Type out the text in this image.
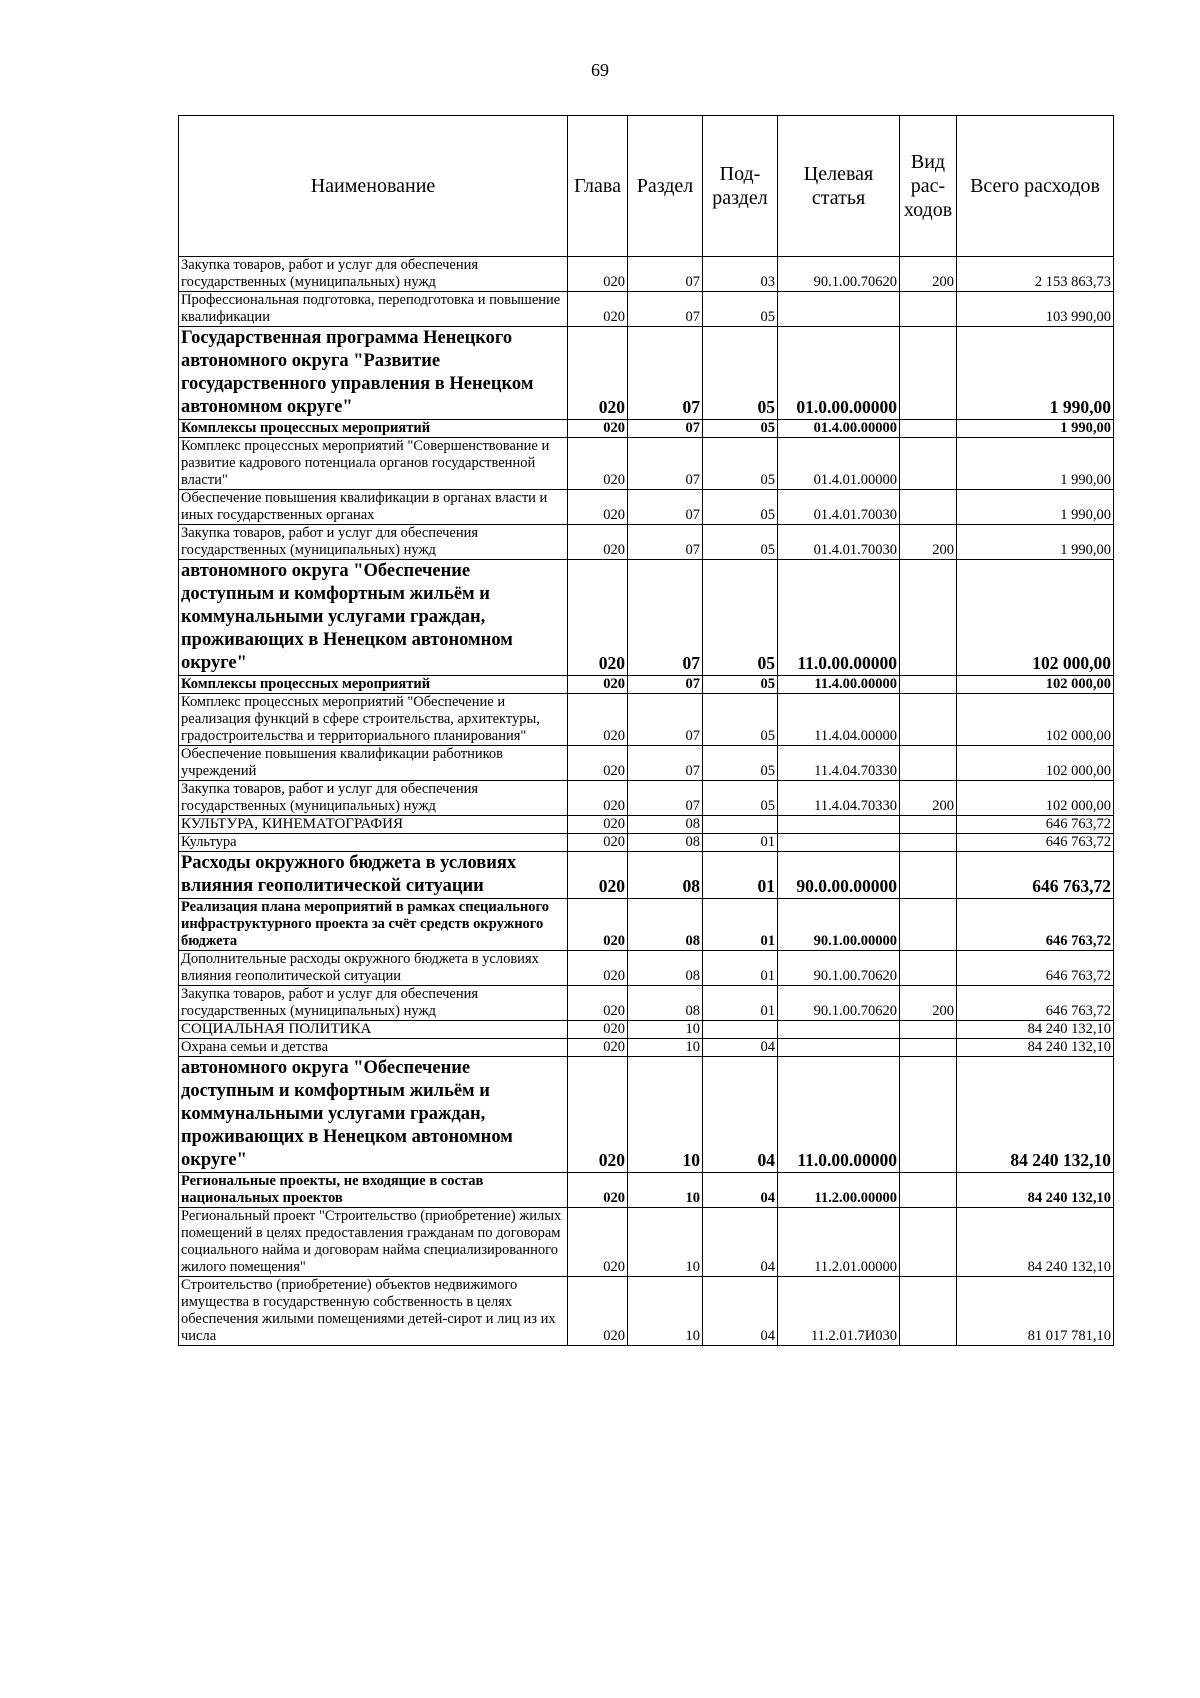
69
Наименование	Глава	Раздел	Под-раздел	Целевая статья	Вид рас-ходов	Всего расходов
Закупка товаров, работ и услуг для обеспечения государственных (муниципальных) нужд	020	07	03	90.1.00.70620	200	2 153 863,73
Профессиональная подготовка, переподготовка и повышение квалификации	020	07	05			103 990,00
Государственная программа Ненецкого автономного округа "Развитие государственного управления в Ненецком автономном округе"	020	07	05	01.0.00.00000		1 990,00
Комплексы процессных мероприятий	020	07	05	01.4.00.00000		1 990,00
Комплекс процессных мероприятий "Совершенствование и развитие кадрового потенциала органов государственной власти"	020	07	05	01.4.01.00000		1 990,00
Обеспечение повышения квалификации в органах власти и иных государственных органах	020	07	05	01.4.01.70030		1 990,00
Закупка товаров, работ и услуг для обеспечения государственных (муниципальных) нужд	020	07	05	01.4.01.70030	200	1 990,00
автономного округа "Обеспечение доступным и комфортным жильём и коммунальными услугами граждан, проживающих в Ненецком автономном округе"	020	07	05	11.0.00.00000		102 000,00
Комплексы процессных мероприятий	020	07	05	11.4.00.00000		102 000,00
Комплекс процессных мероприятий "Обеспечение и реализация функций в сфере строительства, архитектуры, градостроительства и территориального планирования"	020	07	05	11.4.04.00000		102 000,00
Обеспечение повышения квалификации работников учреждений	020	07	05	11.4.04.70330		102 000,00
Закупка товаров, работ и услуг для обеспечения государственных (муниципальных) нужд	020	07	05	11.4.04.70330	200	102 000,00
КУЛЬТУРА, КИНЕМАТОГРАФИЯ	020	08				646 763,72
Культура	020	08	01			646 763,72
Расходы окружного бюджета в условиях влияния геополитической ситуации	020	08	01	90.0.00.00000		646 763,72
Реализация плана мероприятий в рамках специального инфраструктурного проекта за счёт средств окружного бюджета	020	08	01	90.1.00.00000		646 763,72
Дополнительные расходы окружного бюджета в условиях влияния геополитической ситуации	020	08	01	90.1.00.70620		646 763,72
Закупка товаров, работ и услуг для обеспечения государственных (муниципальных) нужд	020	08	01	90.1.00.70620	200	646 763,72
СОЦИАЛЬНАЯ ПОЛИТИКА	020	10				84 240 132,10
Охрана семьи и детства	020	10	04			84 240 132,10
автономного округа "Обеспечение доступным и комфортным жильём и коммунальными услугами граждан, проживающих в Ненецком автономном округе"	020	10	04	11.0.00.00000		84 240 132,10
Региональные проекты, не входящие в состав национальных проектов	020	10	04	11.2.00.00000		84 240 132,10
Региональный проект "Строительство (приобретение) жилых помещений в целях предоставления гражданам по договорам социального найма и договорам найма специализированного жилого помещения"	020	10	04	11.2.01.00000		84 240 132,10
Строительство (приобретение) объектов недвижимого имущества в государственную собственность в целях обеспечения жилыми помещениями детей-сирот и лиц из их числа	020	10	04	11.2.01.7И030		81 017 781,10
